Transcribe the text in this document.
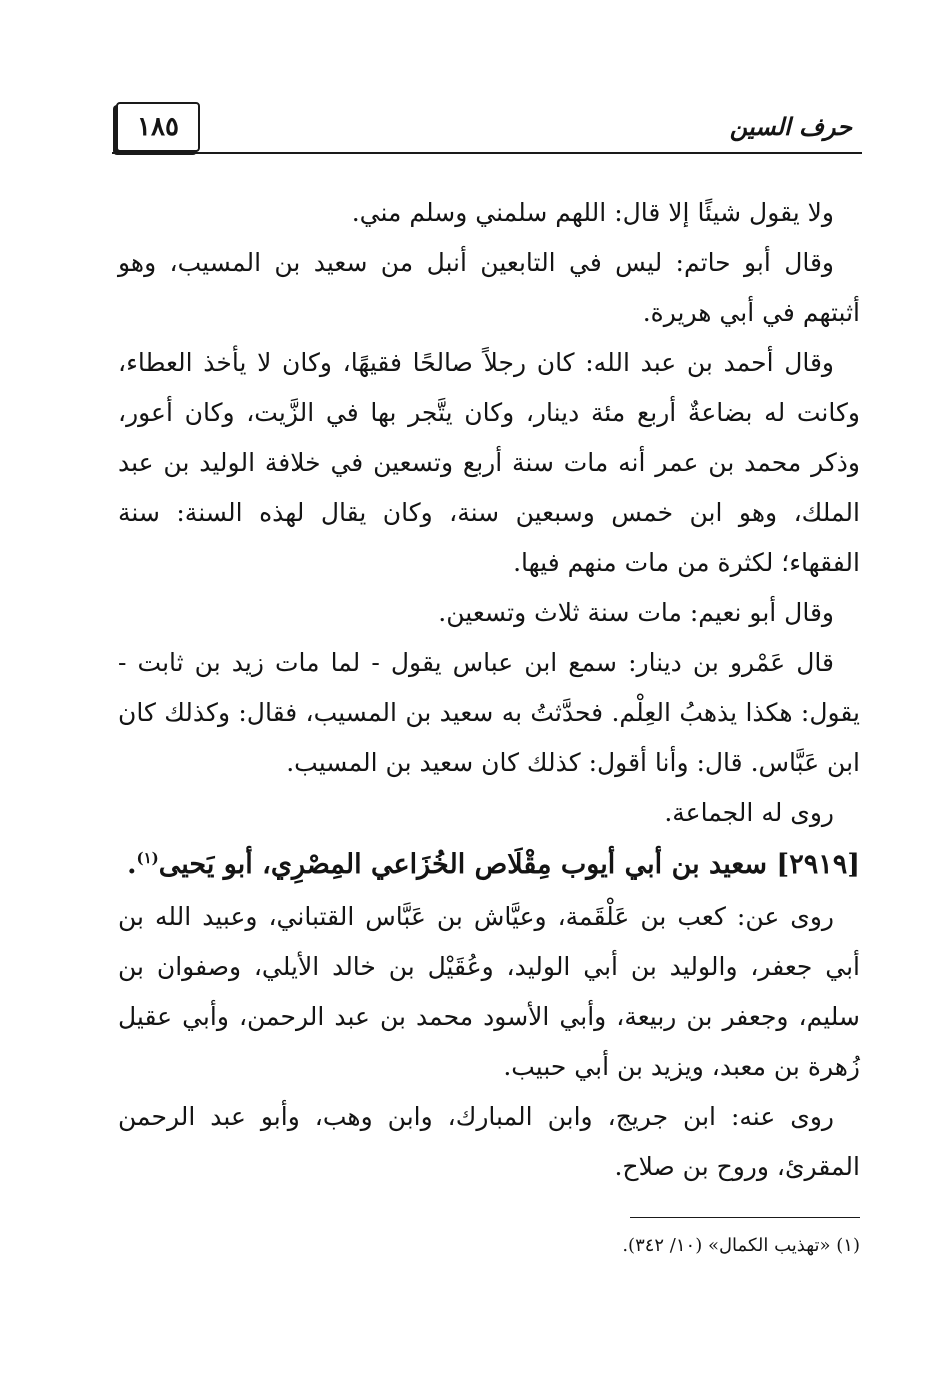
١٨٥	حرف السين

ولا يقول شيئًا إلا قال: اللهم سلمني وسلم مني.

وقال أبو حاتم: ليس في التابعين أنبل من سعيد بن المسيب، وهو أثبتهم في أبي هريرة.

وقال أحمد بن عبد الله: كان رجلاً صالحًا فقيهًا، وكان لا يأخذ العطاء، وكانت له بضاعةٌ أربع مئة دينار، وكان يتَّجر بها في الزَّيت، وكان أعور، وذكر محمد بن عمر أنه مات سنة أربع وتسعين في خلافة الوليد بن عبد الملك، وهو ابن خمس وسبعين سنة، وكان يقال لهذه السنة: سنة الفقهاء؛ لكثرة من مات منهم فيها.

وقال أبو نعيم: مات سنة ثلاث وتسعين.

قال عَمْرو بن دينار: سمع ابن عباس يقول - لما مات زيد بن ثابت - يقول: هكذا يذهبُ العِلْم. فحدَّثتُ به سعيد بن المسيب، فقال: وكذلك كان ابن عَبَّاس. قال: وأنا أقول: كذلك كان سعيد بن المسيب.

روى له الجماعة.

[٢٩١٩] سعيد بن أبي أيوب مِقْلَاص الخُزَاعي المِصْرِي، أبو يَحيى$^{(١)}$.

روى عن: كعب بن عَلْقَمة، وعيَّاش بن عَبَّاس القتباني، وعبيد الله بن أبي جعفر، والوليد بن أبي الوليد، وعُقَيْل بن خالد الأيلي، وصفوان بن سليم، وجعفر بن ربيعة، وأبي الأسود محمد بن عبد الرحمن، وأبي عقيل زُهرة بن معبد، ويزيد بن أبي حبيب.

روى عنه: ابن جريج، وابن المبارك، وابن وهب، وأبو عبد الرحمن المقرئ، وروح بن صلاح.

(١) «تهذيب الكمال» (١٠/ ٣٤٢).
